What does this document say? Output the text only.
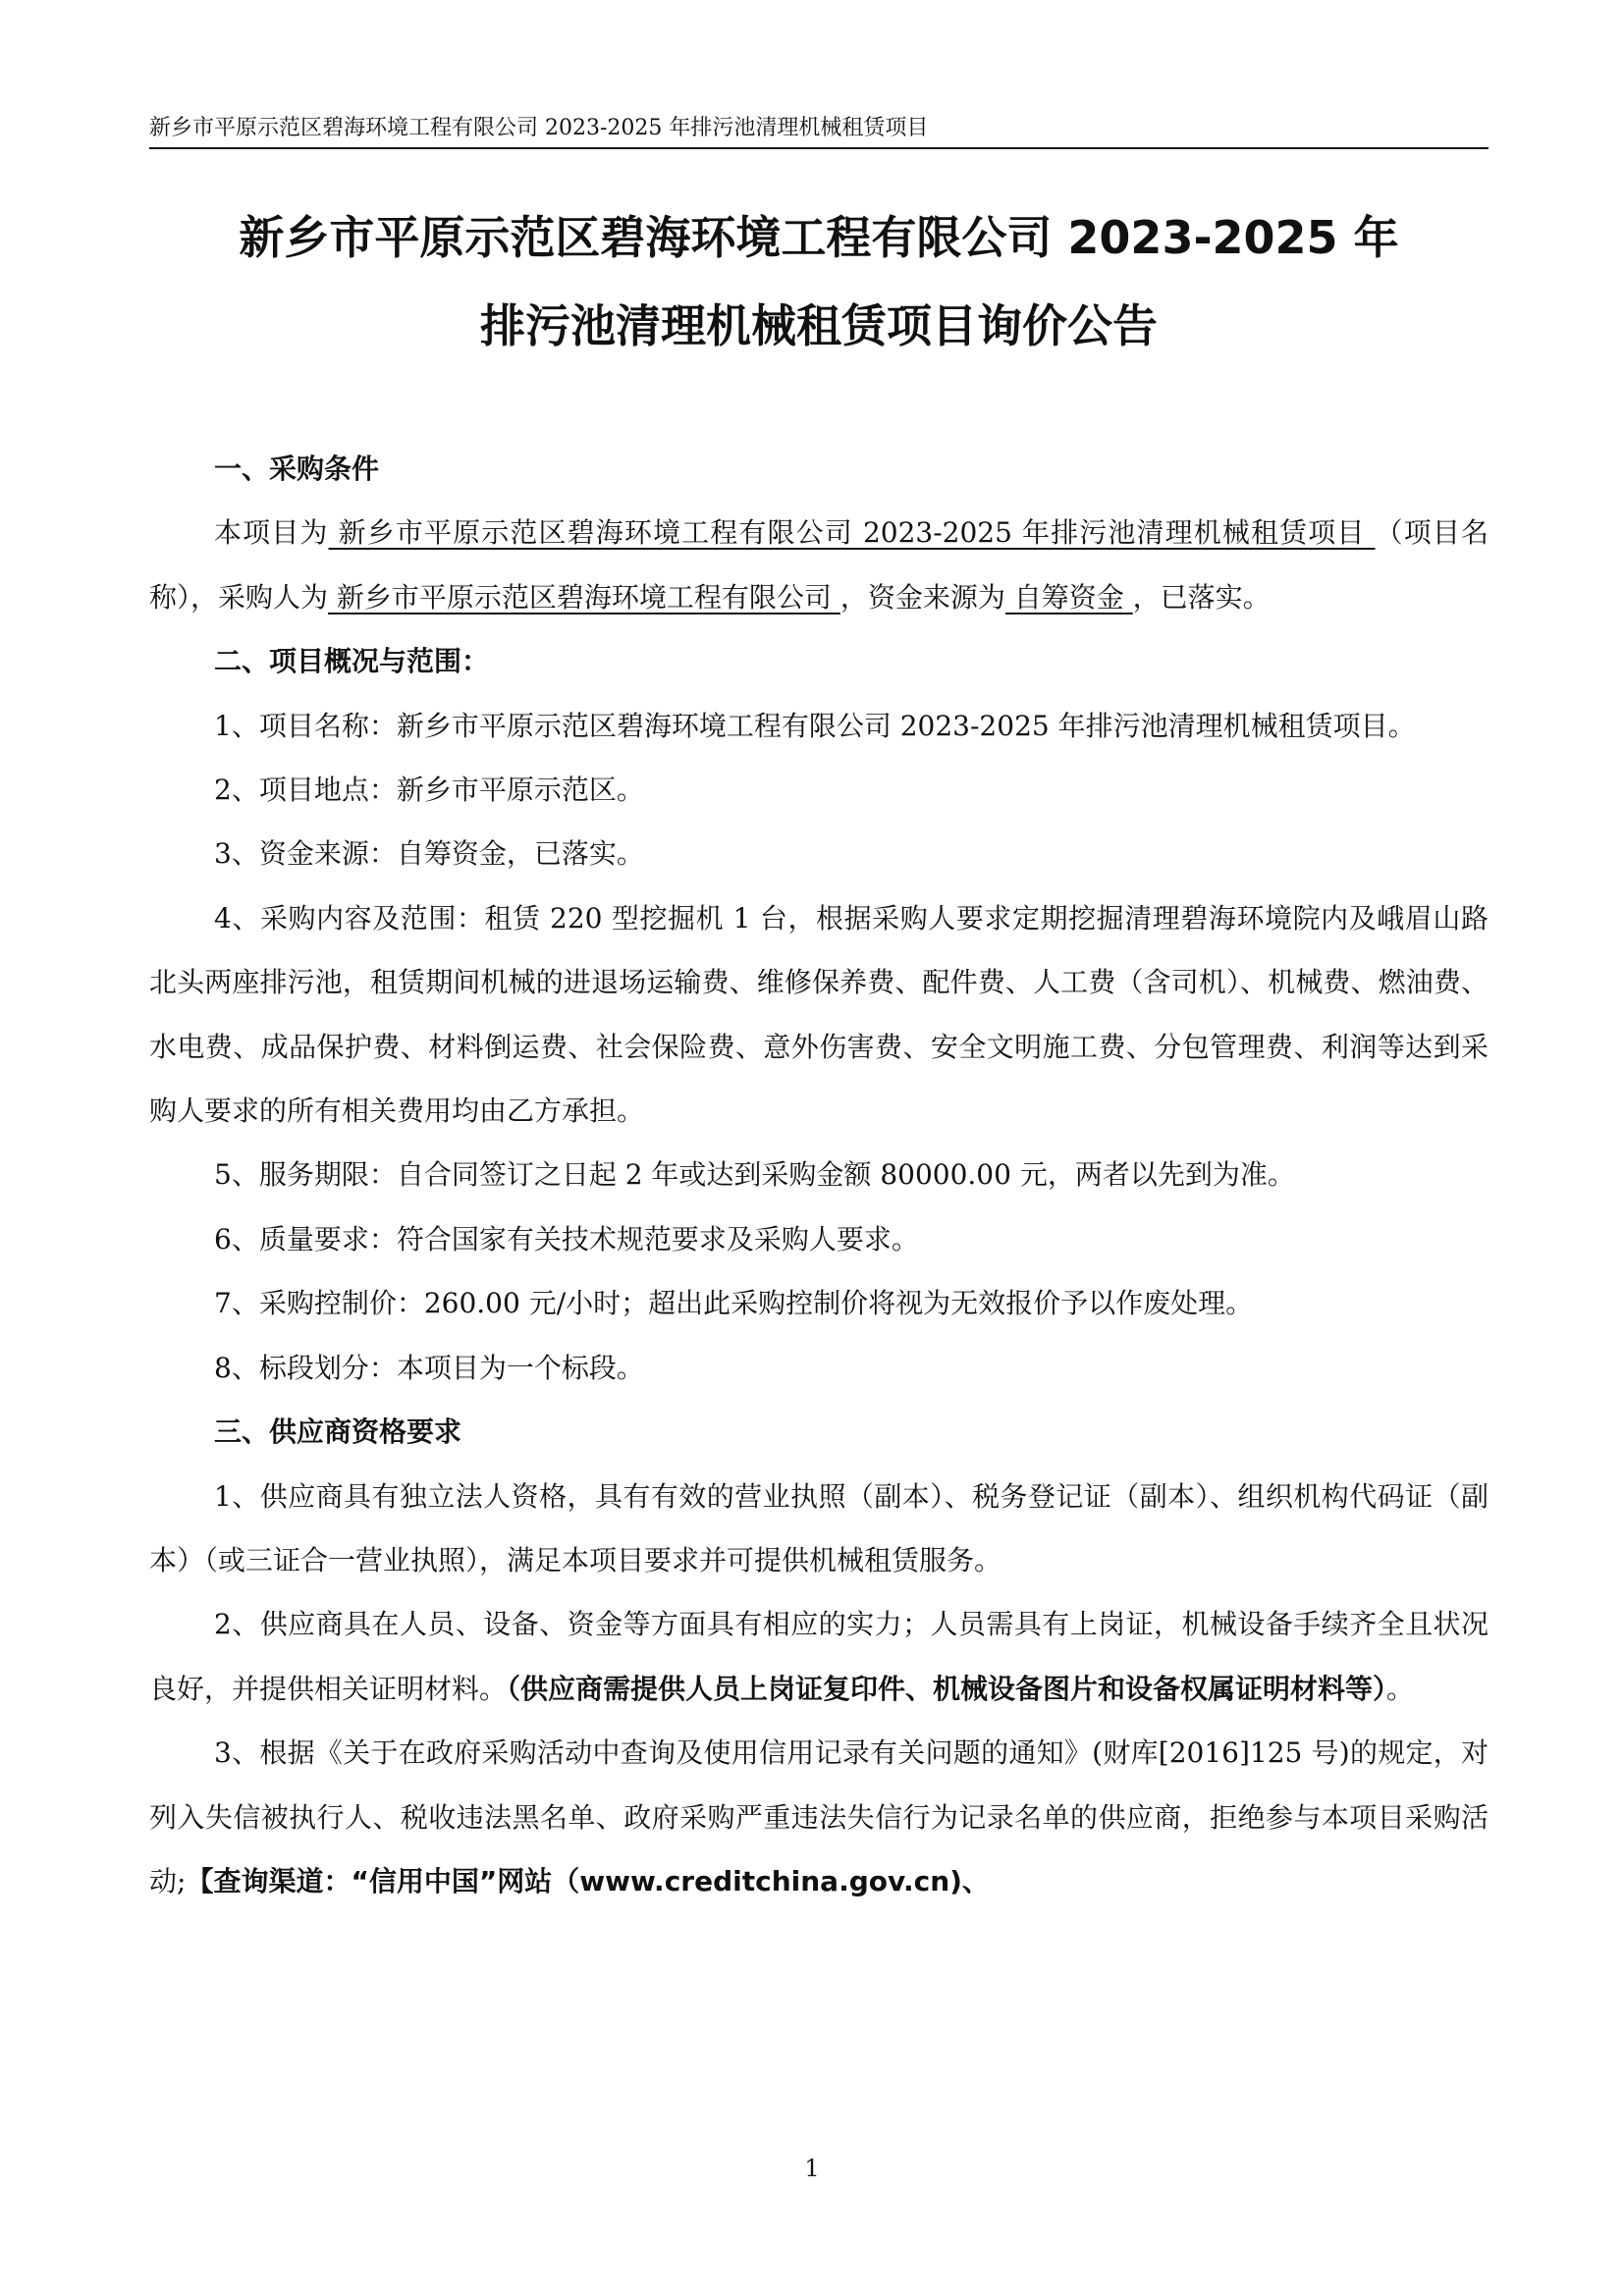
新乡市平原示范区碧海环境工程有限公司 2023-2025 年排污池清理机械租赁项目
新乡市平原示范区碧海环境工程有限公司 2023-2025 年
排污池清理机械租赁项目询价公告

一、采购条件

本项目为 新乡市平原示范区碧海环境工程有限公司 2023-2025 年排污池清理机械租赁项目 （项目名称），采购人为 新乡市平原示范区碧海环境工程有限公司 ，资金来源为 自筹资金 ，已落实。

二、项目概况与范围：

1、项目名称：新乡市平原示范区碧海环境工程有限公司 2023-2025 年排污池清理机械租赁项目。

2、项目地点：新乡市平原示范区。

3、资金来源：自筹资金，已落实。

4、采购内容及范围：租赁 220 型挖掘机 1 台，根据采购人要求定期挖掘清理碧海环境院内及峨眉山路北头两座排污池，租赁期间机械的进退场运输费、维修保养费、配件费、人工费（含司机）、机械费、燃油费、水电费、成品保护费、材料倒运费、社会保险费、意外伤害费、安全文明施工费、分包管理费、利润等达到采购人要求的所有相关费用均由乙方承担。

5、服务期限：自合同签订之日起 2 年或达到采购金额 80000.00 元，两者以先到为准。

6、质量要求：符合国家有关技术规范要求及采购人要求。

7、采购控制价：260.00 元/小时；超出此采购控制价将视为无效报价予以作废处理。

8、标段划分：本项目为一个标段。

三、供应商资格要求

1、供应商具有独立法人资格，具有有效的营业执照（副本）、税务登记证（副本）、组织机构代码证（副本）（或三证合一营业执照），满足本项目要求并可提供机械租赁服务。

2、供应商具在人员、设备、资金等方面具有相应的实力；人员需具有上岗证，机械设备手续齐全且状况良好，并提供相关证明材料。（供应商需提供人员上岗证复印件、机械设备图片和设备权属证明材料等）。

3、根据《关于在政府采购活动中查询及使用信用记录有关问题的通知》(财库[2016]125 号)的规定，对列入失信被执行人、税收违法黑名单、政府采购严重违法失信行为记录名单的供应商，拒绝参与本项目采购活动;【查询渠道：“信用中国”网站（www.creditchina.gov.cn)、

1
